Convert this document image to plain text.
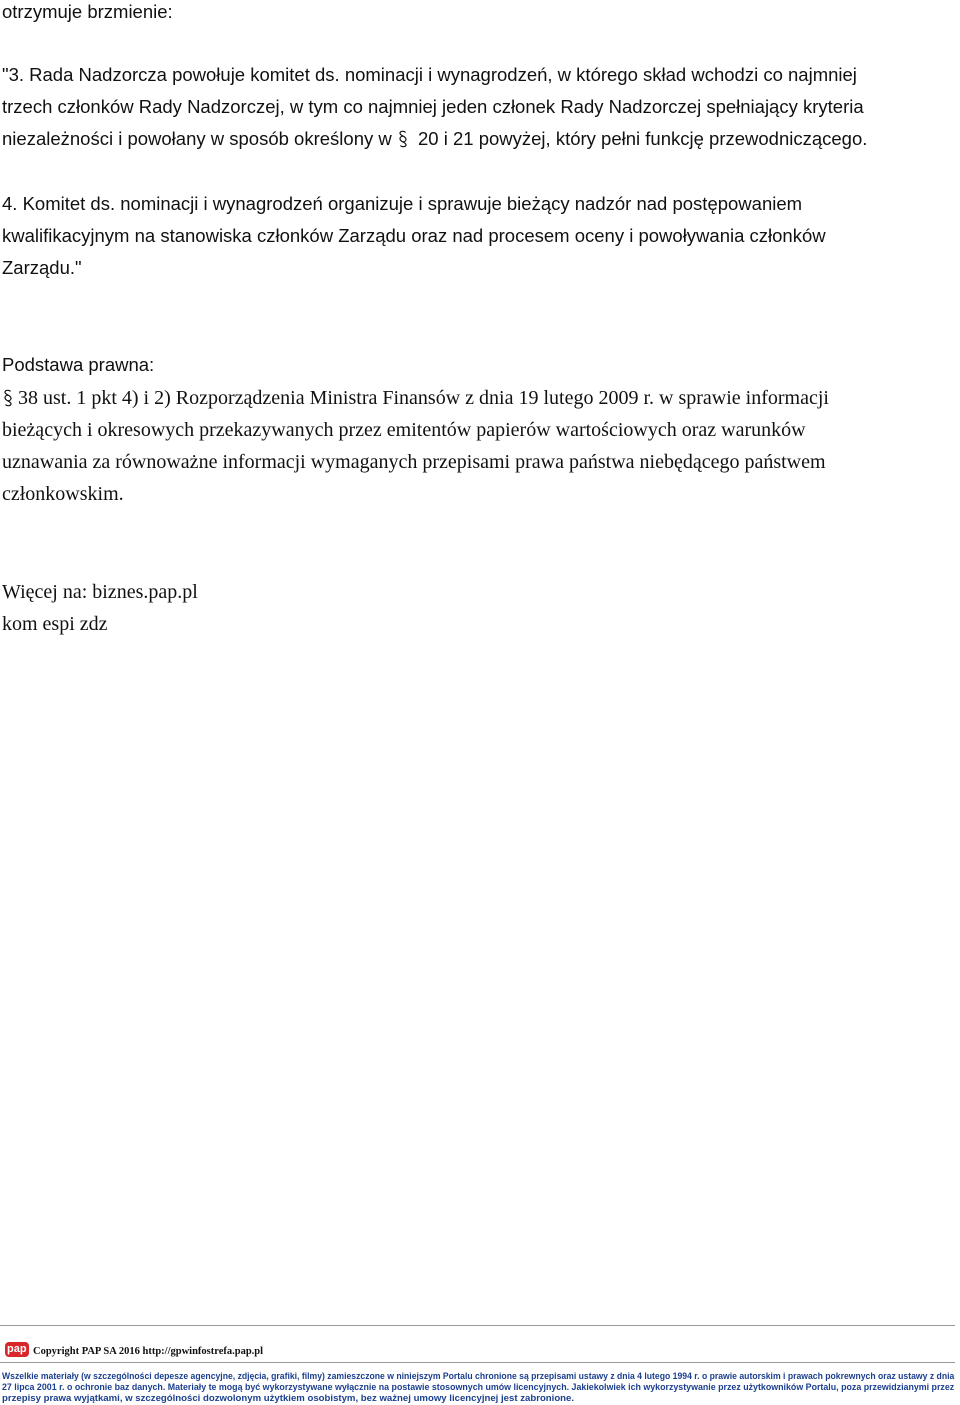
otrzymuje brzmienie:
"3. Rada Nadzorcza powołuje komitet ds. nominacji i wynagrodzeń, w którego skład wchodzi co najmniej
trzech członków Rady Nadzorczej, w tym co najmniej jeden członek Rady Nadzorczej spełniający kryteria
niezależności i powołany w sposób określony w 20 i 21 powyżej, który pełni funkcję przewodniczącego.
4. Komitet ds. nominacji i wynagrodzeń organizuje i sprawuje bieżący nadzór nad postępowaniem
kwalifikacyjnym na stanowiska członków Zarządu oraz nad procesem oceny i powoływania członków
Zarządu."
Podstawa prawna:
38 ust. 1 pkt 4) i 2) Rozporządzenia Ministra Finansów z dnia 19 lutego 2009 r. w sprawie informacji
bieżących i okresowych przekazywanych przez emitentów papierów wartościowych oraz warunków
uznawania za równoważne informacji wymaganych przepisami prawa państwa niebędącego państwem
członkowskim.
Więcej na: biznes.pap.pl
kom espi zdz
pap Copyright PAP SA 2016 http://gpwinfostrefa.pap.pl
Wszelkie materiały (w szczególności depesze agencyjne, zdjęcia, grafiki, filmy) zamieszczone w niniejszym Portalu chronione są przepisami ustawy z dnia 4 lutego 1994 r. o prawie autorskim i prawach pokrewnych oraz ustawy z dnia
27 lipca 2001 r. o ochronie baz danych. Materiały te mogą być wykorzystywane wyłącznie na postawie stosownych umów licencyjnych. Jakiekolwiek ich wykorzystywanie przez użytkowników Portalu, poza przewidzianymi przez
przepisy prawa wyjątkami, w szczególności dozwolonym użytkiem osobistym, bez ważnej umowy licencyjnej jest zabronione.
